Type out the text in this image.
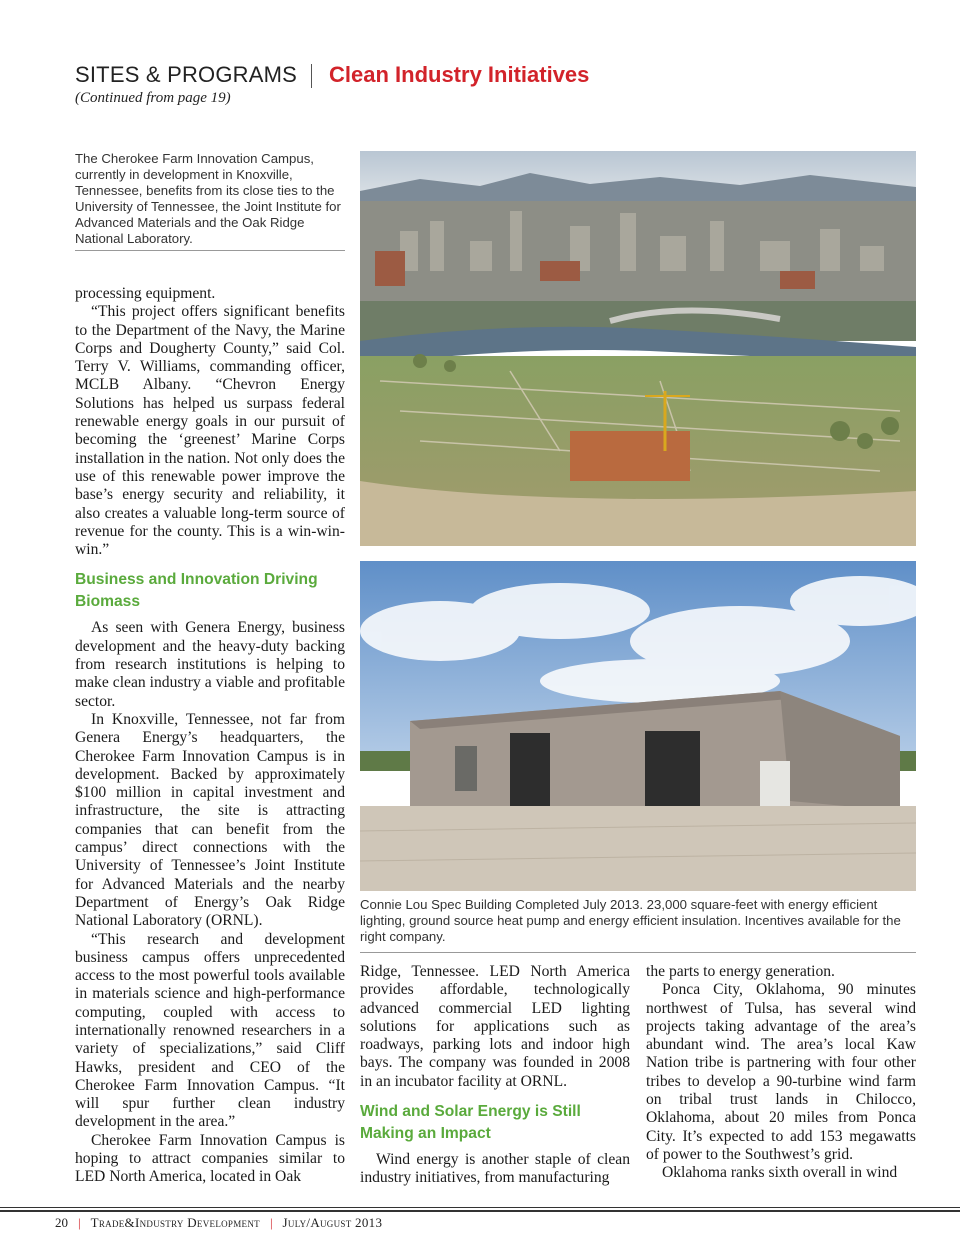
SITES & PROGRAMS Clean Industry Initiatives
(Continued from page 19)
The Cherokee Farm Innovation Campus, currently in development in Knoxville, Tennessee, benefits from its close ties to the University of Tennessee, the Joint Institute for Advanced Materials and the Oak Ridge National Laboratory.
Connie Lou Spec Building Completed July 2013. 23,000 square-feet with energy efficient lighting, ground source heat pump and energy efficient insulation. Incentives available for the right company.

processing equipment.

“This project offers significant benefits to the Department of the Navy, the Marine Corps and Dougherty County,” said Col. Terry V. Williams, commanding officer, MCLB Albany. “Chevron Energy Solutions has helped us surpass federal renewable energy goals in our pursuit of becoming the ‘greenest’ Marine Corps installation in the nation. Not only does the use of this renewable power improve the base’s energy security and reliability, it also creates a valuable long-term source of revenue for the county. This is a win-win-win.”

Business and Innovation Driving Biomass

As seen with Genera Energy, business development and the heavy-duty backing from research institutions is helping to make clean industry a viable and profitable sector.

In Knoxville, Tennessee, not far from Genera Energy’s headquarters, the Cherokee Farm Innovation Campus is in development. Backed by approximately $100 million in capital investment and infrastructure, the site is attracting companies that can benefit from the campus’ direct connections with the University of Tennessee’s Joint Institute for Advanced Materials and the nearby Department of Energy’s Oak Ridge National Laboratory (ORNL).

“This research and development business campus offers unprecedented access to the most powerful tools available in materials science and high-performance computing, coupled with access to internationally renowned researchers in a variety of specializations,” said Cliff Hawks, president and CEO of the Cherokee Farm Innovation Campus. “It will spur further clean industry development in the area.”

Cherokee Farm Innovation Campus is hoping to attract companies similar to LED North America, located in Oak

Ridge, Tennessee. LED North America provides affordable, technologically advanced commercial LED lighting solutions for applications such as roadways, parking lots and indoor high bays. The company was founded in 2008 in an incubator facility at ORNL.

Wind and Solar Energy is Still Making an Impact

Wind energy is another staple of clean industry initiatives, from manufacturing

the parts to energy generation.

Ponca City, Oklahoma, 90 minutes northwest of Tulsa, has several wind projects taking advantage of the area’s abundant wind. The area’s local Kaw Nation tribe is partnering with four other tribes to develop a 90-turbine wind farm on tribal trust lands in Chilocco, Oklahoma, about 20 miles from Ponca City. It’s expected to add 153 megawatts of power to the Southwest’s grid.

Oklahoma ranks sixth overall in wind

20 | Trade&Industry Development | July/August 2013
